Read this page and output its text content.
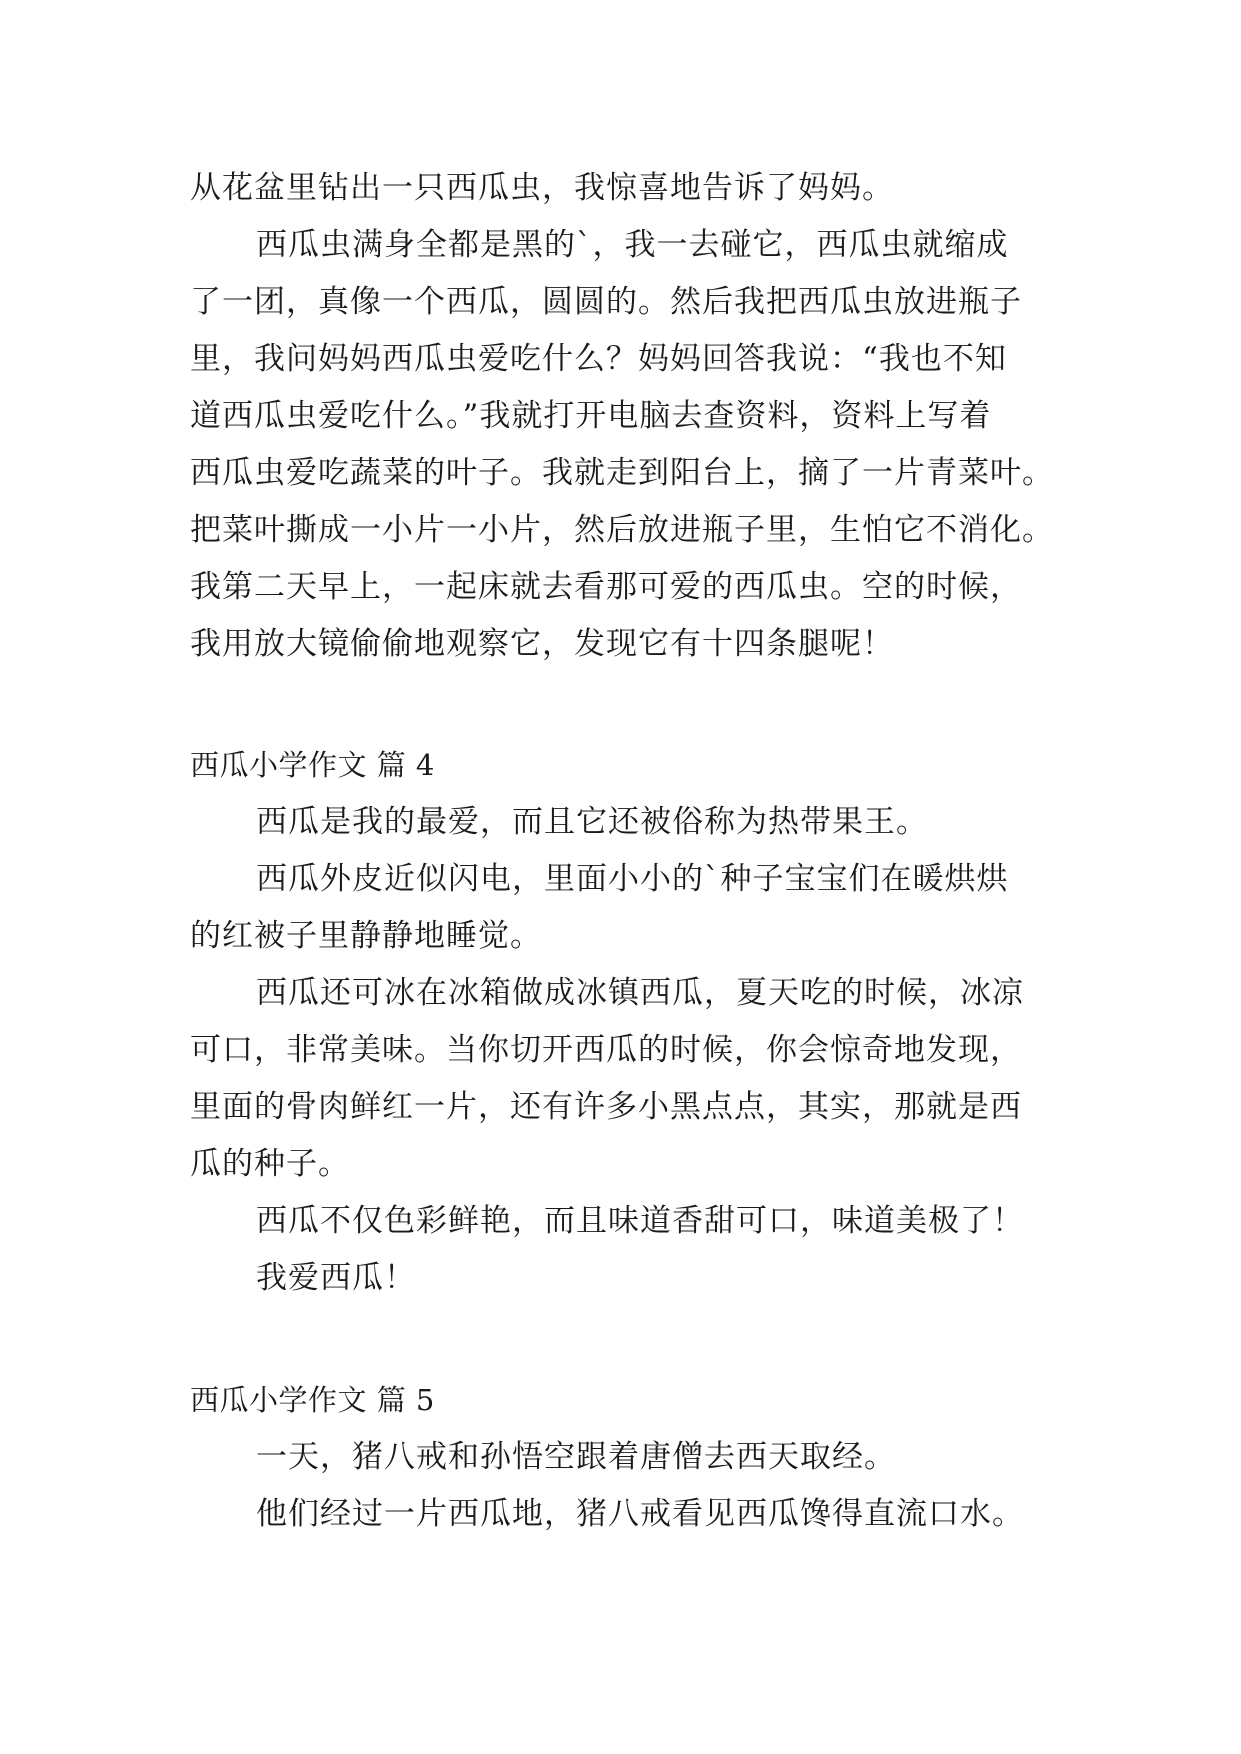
从花盆里钻出一只西瓜虫，我惊喜地告诉了妈妈。
西瓜虫满身全都是黑的`，我一去碰它，西瓜虫就缩成
了一团，真像一个西瓜，圆圆的。然后我把西瓜虫放进瓶子
里，我问妈妈西瓜虫爱吃什么？妈妈回答我说：“我也不知
道西瓜虫爱吃什么。”我就打开电脑去查资料，资料上写着
西瓜虫爱吃蔬菜的叶子。我就走到阳台上，摘了一片青菜叶。
把菜叶撕成一小片一小片，然后放进瓶子里，生怕它不消化。
我第二天早上，一起床就去看那可爱的西瓜虫。空的时候，
我用放大镜偷偷地观察它，发现它有十四条腿呢！
西瓜小学作文 篇 4
西瓜是我的最爱，而且它还被俗称为热带果王。
西瓜外皮近似闪电，里面小小的`种子宝宝们在暖烘烘
的红被子里静静地睡觉。
西瓜还可冰在冰箱做成冰镇西瓜，夏天吃的时候，冰凉
可口，非常美味。当你切开西瓜的时候，你会惊奇地发现，
里面的骨肉鲜红一片，还有许多小黑点点，其实，那就是西
瓜的种子。
西瓜不仅色彩鲜艳，而且味道香甜可口，味道美极了！
我爱西瓜！
西瓜小学作文 篇 5
一天，猪八戒和孙悟空跟着唐僧去西天取经。
他们经过一片西瓜地，猪八戒看见西瓜馋得直流口水。
